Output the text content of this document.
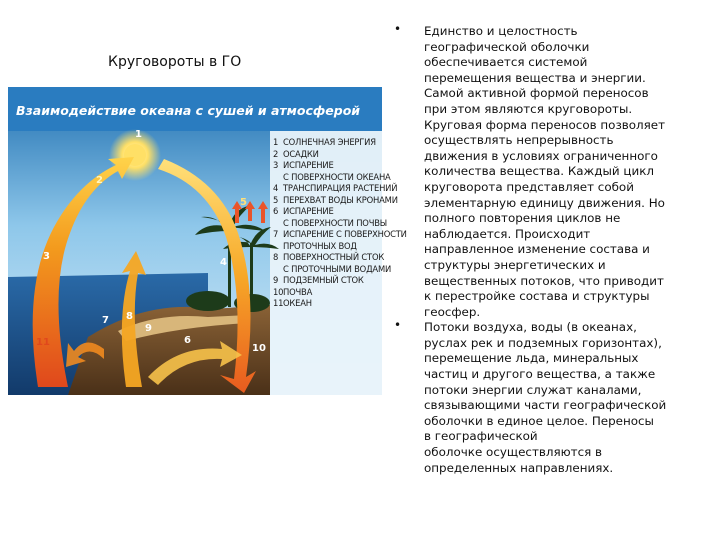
Круговороты в ГО
Взаимодействие океана с сушей и атмосферой
1
2
3
4
5
6
7 8
9
10
11
1 СОЛНЕЧНАЯ ЭНЕРГИЯ
2 ОСАДКИ
3 ИСПАРЕНИЕ
С ПОВЕРХНОСТИ ОКЕАНА
4 ТРАНСПИРАЦИЯ РАСТЕНИЙ
5 ПЕРЕХВАТ ВОДЫ КРОНАМИ
6 ИСПАРЕНИЕ
С ПОВЕРХНОСТИ ПОЧВЫ
7 ИСПАРЕНИЕ С ПОВЕРХНОСТИ
ПРОТОЧНЫХ ВОД
8 ПОВЕРХНОСТНЫЙ СТОК
С ПРОТОЧНЫМИ ВОДАМИ
9 ПОДЗЕМНЫЙ СТОК
10 ПОЧВА
11 ОКЕАН
• Единство и целостность
географической оболочки
обеспечивается системой
перемещения вещества и энергии.
Самой активной формой переносов
при этом являются круговороты.
Круговая форма переносов позволяет
осуществлять непрерывность
движения в условиях ограниченного
количества вещества. Каждый цикл
круговорота представляет собой
элементарную единицу движения. Но
полного повторения циклов не
наблюдается. Происходит
направленное изменение состава и
структуры энергетических и
вещественных потоков, что приводит
к перестройке состава и структуры
геосфер.

• Потоки воздуха, воды (в океанах,
руслах рек и подземных горизонтах),
перемещение льда, минеральных
частиц и другого вещества, а также
потоки энергии служат каналами,
связывающими части географической
оболочки в единое целое. Переносы
в географической
оболочке осуществляются в
определенных направлениях.
